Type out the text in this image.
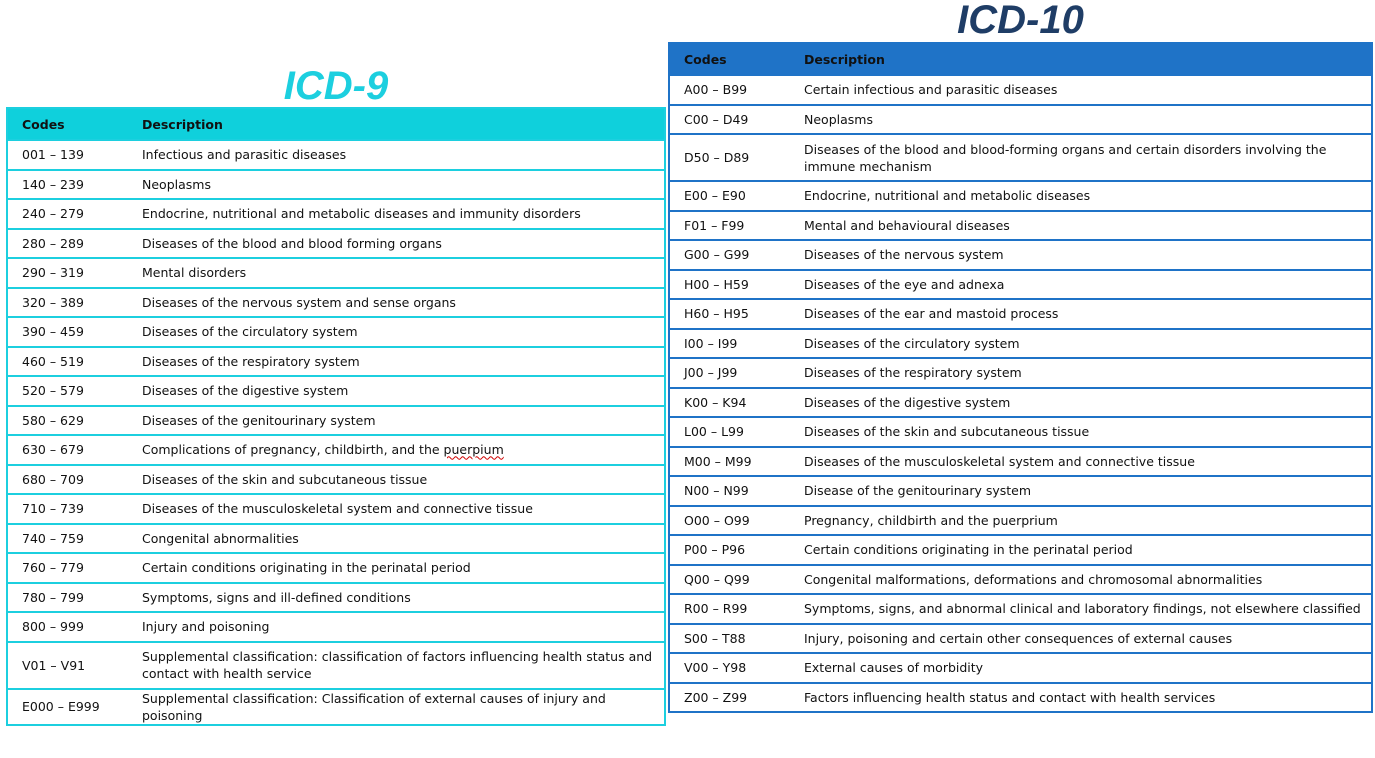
ICD-9
ICD-10
Codes	Description
001 – 139	Infectious and parasitic diseases
140 – 239	Neoplasms
240 – 279	Endocrine, nutritional and metabolic diseases and immunity disorders
280 – 289	Diseases of the blood and blood forming organs
290 – 319	Mental disorders
320 – 389	Diseases of the nervous system and sense organs
390 – 459	Diseases of the circulatory system
460 – 519	Diseases of the respiratory system
520 – 579	Diseases of the digestive system
580 – 629	Diseases of the genitourinary system
630 – 679	Complications of pregnancy, childbirth, and the puerpium
680 – 709	Diseases of the skin and subcutaneous tissue
710 – 739	Diseases of the musculoskeletal system and connective tissue
740 – 759	Congenital abnormalities
760 – 779	Certain conditions originating in the perinatal period
780 – 799	Symptoms, signs and ill-defined conditions
800 – 999	Injury and poisoning
V01 – V91	Supplemental classification: classification of factors influencing health status and contact with health service
E000 – E999	Supplemental classification: Classification of external causes of injury and poisoning
Codes	Description
A00 – B99	Certain infectious and parasitic diseases
C00 – D49	Neoplasms
D50 – D89	Diseases of the blood and blood-forming organs and certain disorders involving the immune mechanism
E00 – E90	Endocrine, nutritional and metabolic diseases
F01 – F99	Mental and behavioural diseases
G00 – G99	Diseases of the nervous system
H00 – H59	Diseases of the eye and adnexa
H60 – H95	Diseases of the ear and mastoid process
I00 – I99	Diseases of the circulatory system
J00 – J99	Diseases of the respiratory system
K00 – K94	Diseases of the digestive system
L00 – L99	Diseases of the skin and subcutaneous tissue
M00 – M99	Diseases of the musculoskeletal system and connective tissue
N00 – N99	Disease of the genitourinary system
O00 – O99	Pregnancy, childbirth and the puerprium
P00 – P96	Certain conditions originating in the perinatal period
Q00 – Q99	Congenital malformations, deformations and chromosomal abnormalities
R00 – R99	Symptoms, signs, and abnormal clinical and laboratory findings, not elsewhere classified
S00 – T88	Injury, poisoning and certain other consequences of external causes
V00 – Y98	External causes of morbidity
Z00 – Z99	Factors influencing health status and contact with health services
